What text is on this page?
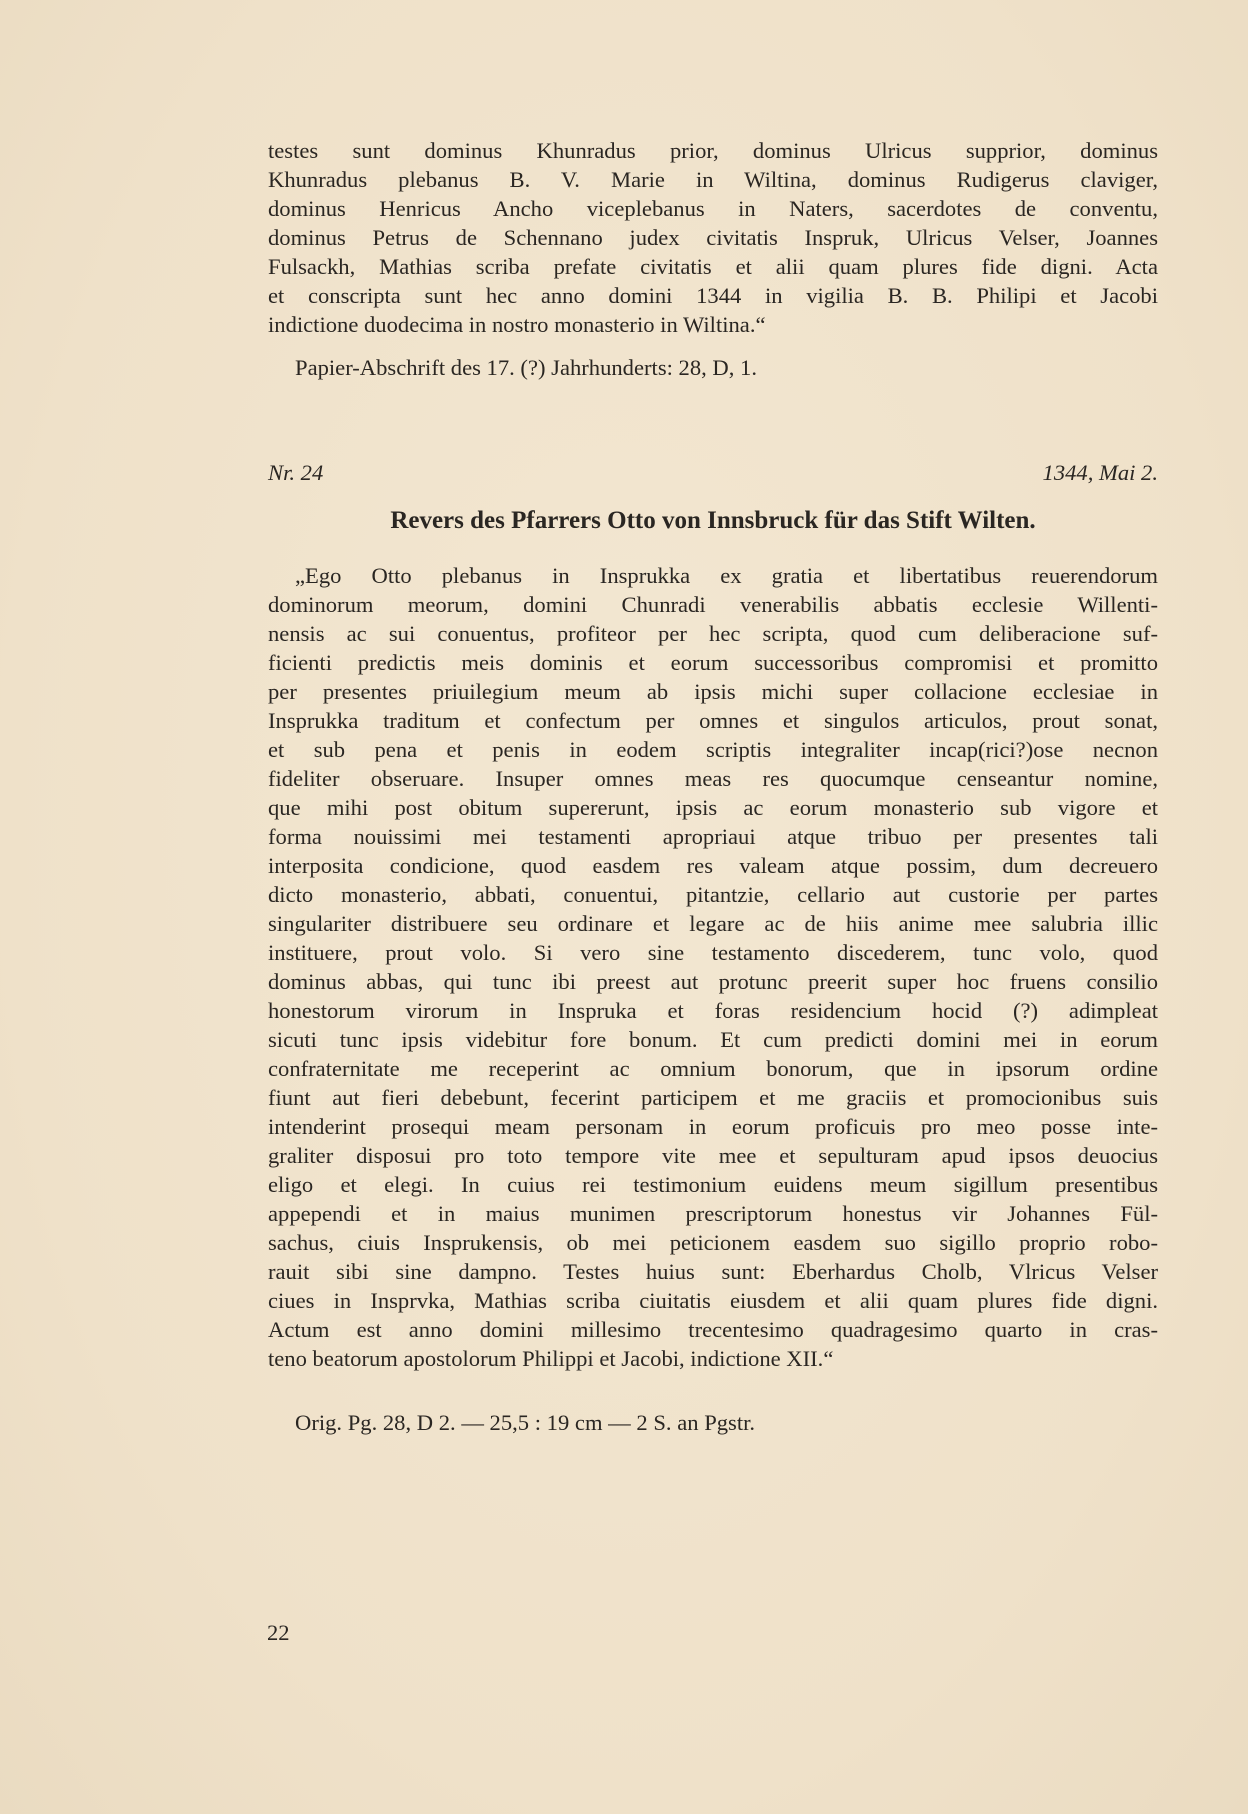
testes sunt dominus Khunradus prior, dominus Ulricus supprior, dominus
Khunradus plebanus B. V. Marie in Wiltina, dominus Rudigerus claviger,
dominus Henricus Ancho viceplebanus in Naters, sacerdotes de conventu,
dominus Petrus de Schennano judex civitatis Inspruk, Ulricus Velser, Joannes
Fulsackh, Mathias scriba prefate civitatis et alii quam plures fide digni. Acta
et conscripta sunt hec anno domini 1344 in vigilia B. B. Philipi et Jacobi
indictione duodecima in nostro monasterio in Wiltina.“
Papier-Abschrift des 17. (?) Jahrhunderts: 28, D, 1.
Nr. 24	1344, Mai 2.
Revers des Pfarrers Otto von Innsbruck für das Stift Wilten.
„Ego Otto plebanus in Insprukka ex gratia et libertatibus reuerendorum
dominorum meorum, domini Chunradi venerabilis abbatis ecclesie Willenti-
nensis ac sui conuentus, profiteor per hec scripta, quod cum deliberacione suf-
ficienti predictis meis dominis et eorum successoribus compromisi et promitto
per presentes priuilegium meum ab ipsis michi super collacione ecclesiae in
Insprukka traditum et confectum per omnes et singulos articulos, prout sonat,
et sub pena et penis in eodem scriptis integraliter incap(rici?)ose necnon
fideliter obseruare. Insuper omnes meas res quocumque censeantur nomine,
que mihi post obitum supererunt, ipsis ac eorum monasterio sub vigore et
forma nouissimi mei testamenti apropriaui atque tribuo per presentes tali
interposita condicione, quod easdem res valeam atque possim, dum decreuero
dicto monasterio, abbati, conuentui, pitantzie, cellario aut custorie per partes
singulariter distribuere seu ordinare et legare ac de hiis anime mee salubria illic
instituere, prout volo. Si vero sine testamento discederem, tunc volo, quod
dominus abbas, qui tunc ibi preest aut protunc preerit super hoc fruens consilio
honestorum virorum in Inspruka et foras residencium hocid (?) adimpleat
sicuti tunc ipsis videbitur fore bonum. Et cum predicti domini mei in eorum
confraternitate me receperint ac omnium bonorum, que in ipsorum ordine
fiunt aut fieri debebunt, fecerint participem et me graciis et promocionibus suis
intenderint prosequi meam personam in eorum proficuis pro meo posse inte-
graliter disposui pro toto tempore vite mee et sepulturam apud ipsos deuocius
eligo et elegi. In cuius rei testimonium euidens meum sigillum presentibus
appependi et in maius munimen prescriptorum honestus vir Johannes Fül-
sachus, ciuis Insprukensis, ob mei peticionem easdem suo sigillo proprio robo-
rauit sibi sine dampno. Testes huius sunt: Eberhardus Cholb, Vlricus Velser
ciues in Insprvka, Mathias scriba ciuitatis eiusdem et alii quam plures fide digni.
Actum est anno domini millesimo trecentesimo quadragesimo quarto in cras-
teno beatorum apostolorum Philippi et Jacobi, indictione XII.“
Orig. Pg. 28, D 2. — 25,5 : 19 cm — 2 S. an Pgstr.
22
